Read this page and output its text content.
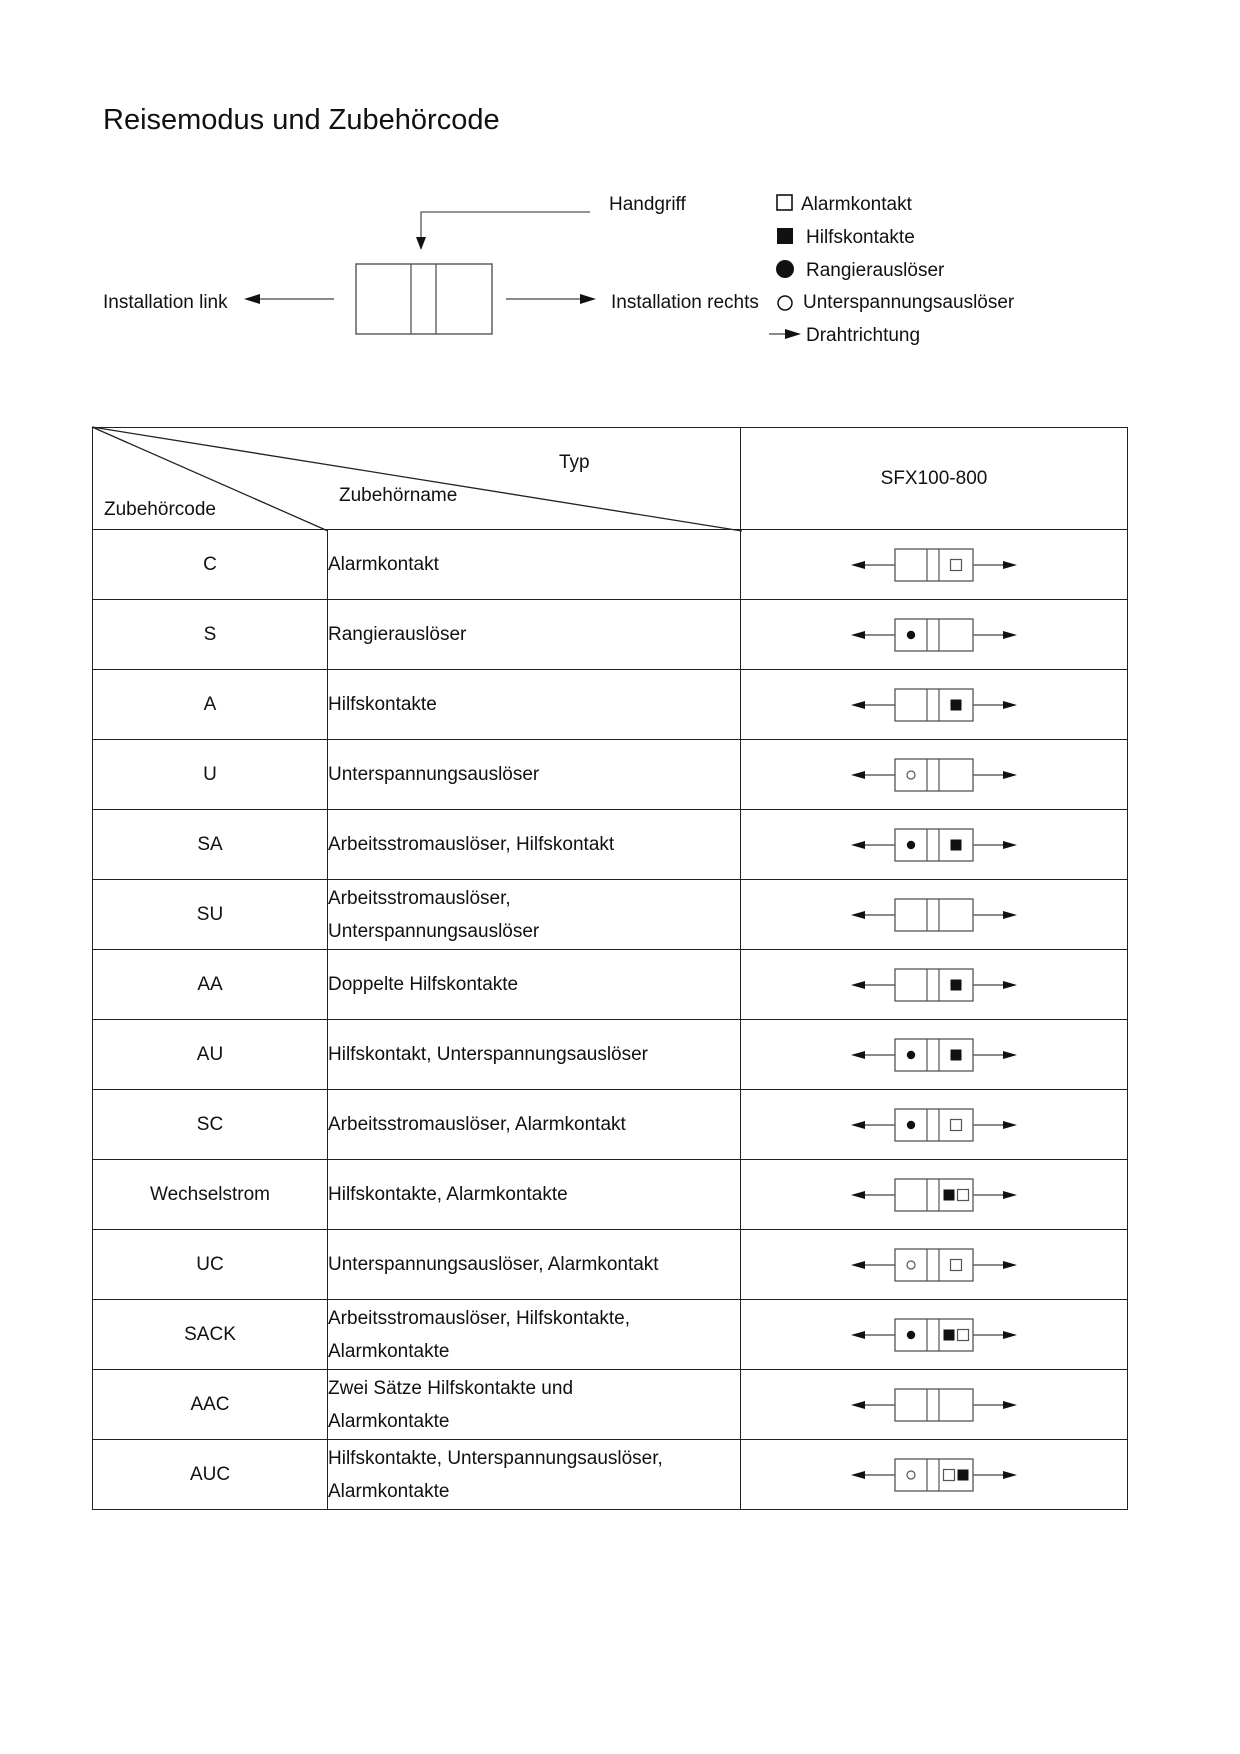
Reisemodus und Zubehörcode
Handgriff
Installation link	Installation rechts
Alarmkontakt
Hilfskontakte
Rangierauslöser
Unterspannungsauslöser
Drahtrichtung
Zubehörcode
Zubehörname
Typ		SFX100-800
C	Alarmkontakt	

S	Rangierauslöser	

A	Hilfskontakte	

U	Unterspannungsauslöser	

SA	Arbeitsstromauslöser, Hilfskontakt	

SU	Arbeitsstromauslöser,
Unterspannungsauslöser	

AA	Doppelte Hilfskontakte	

AU	Hilfskontakt, Unterspannungsauslöser	

SC	Arbeitsstromauslöser, Alarmkontakt	

Wechselstrom	Hilfskontakte, Alarmkontakte	

UC	Unterspannungsauslöser, Alarmkontakt	

SACK	Arbeitsstromauslöser, Hilfskontakte,
Alarmkontakte	

AAC	Zwei Sätze Hilfskontakte und
Alarmkontakte	

AUC	Hilfskontakte, Unterspannungsauslöser,
Alarmkontakte	
